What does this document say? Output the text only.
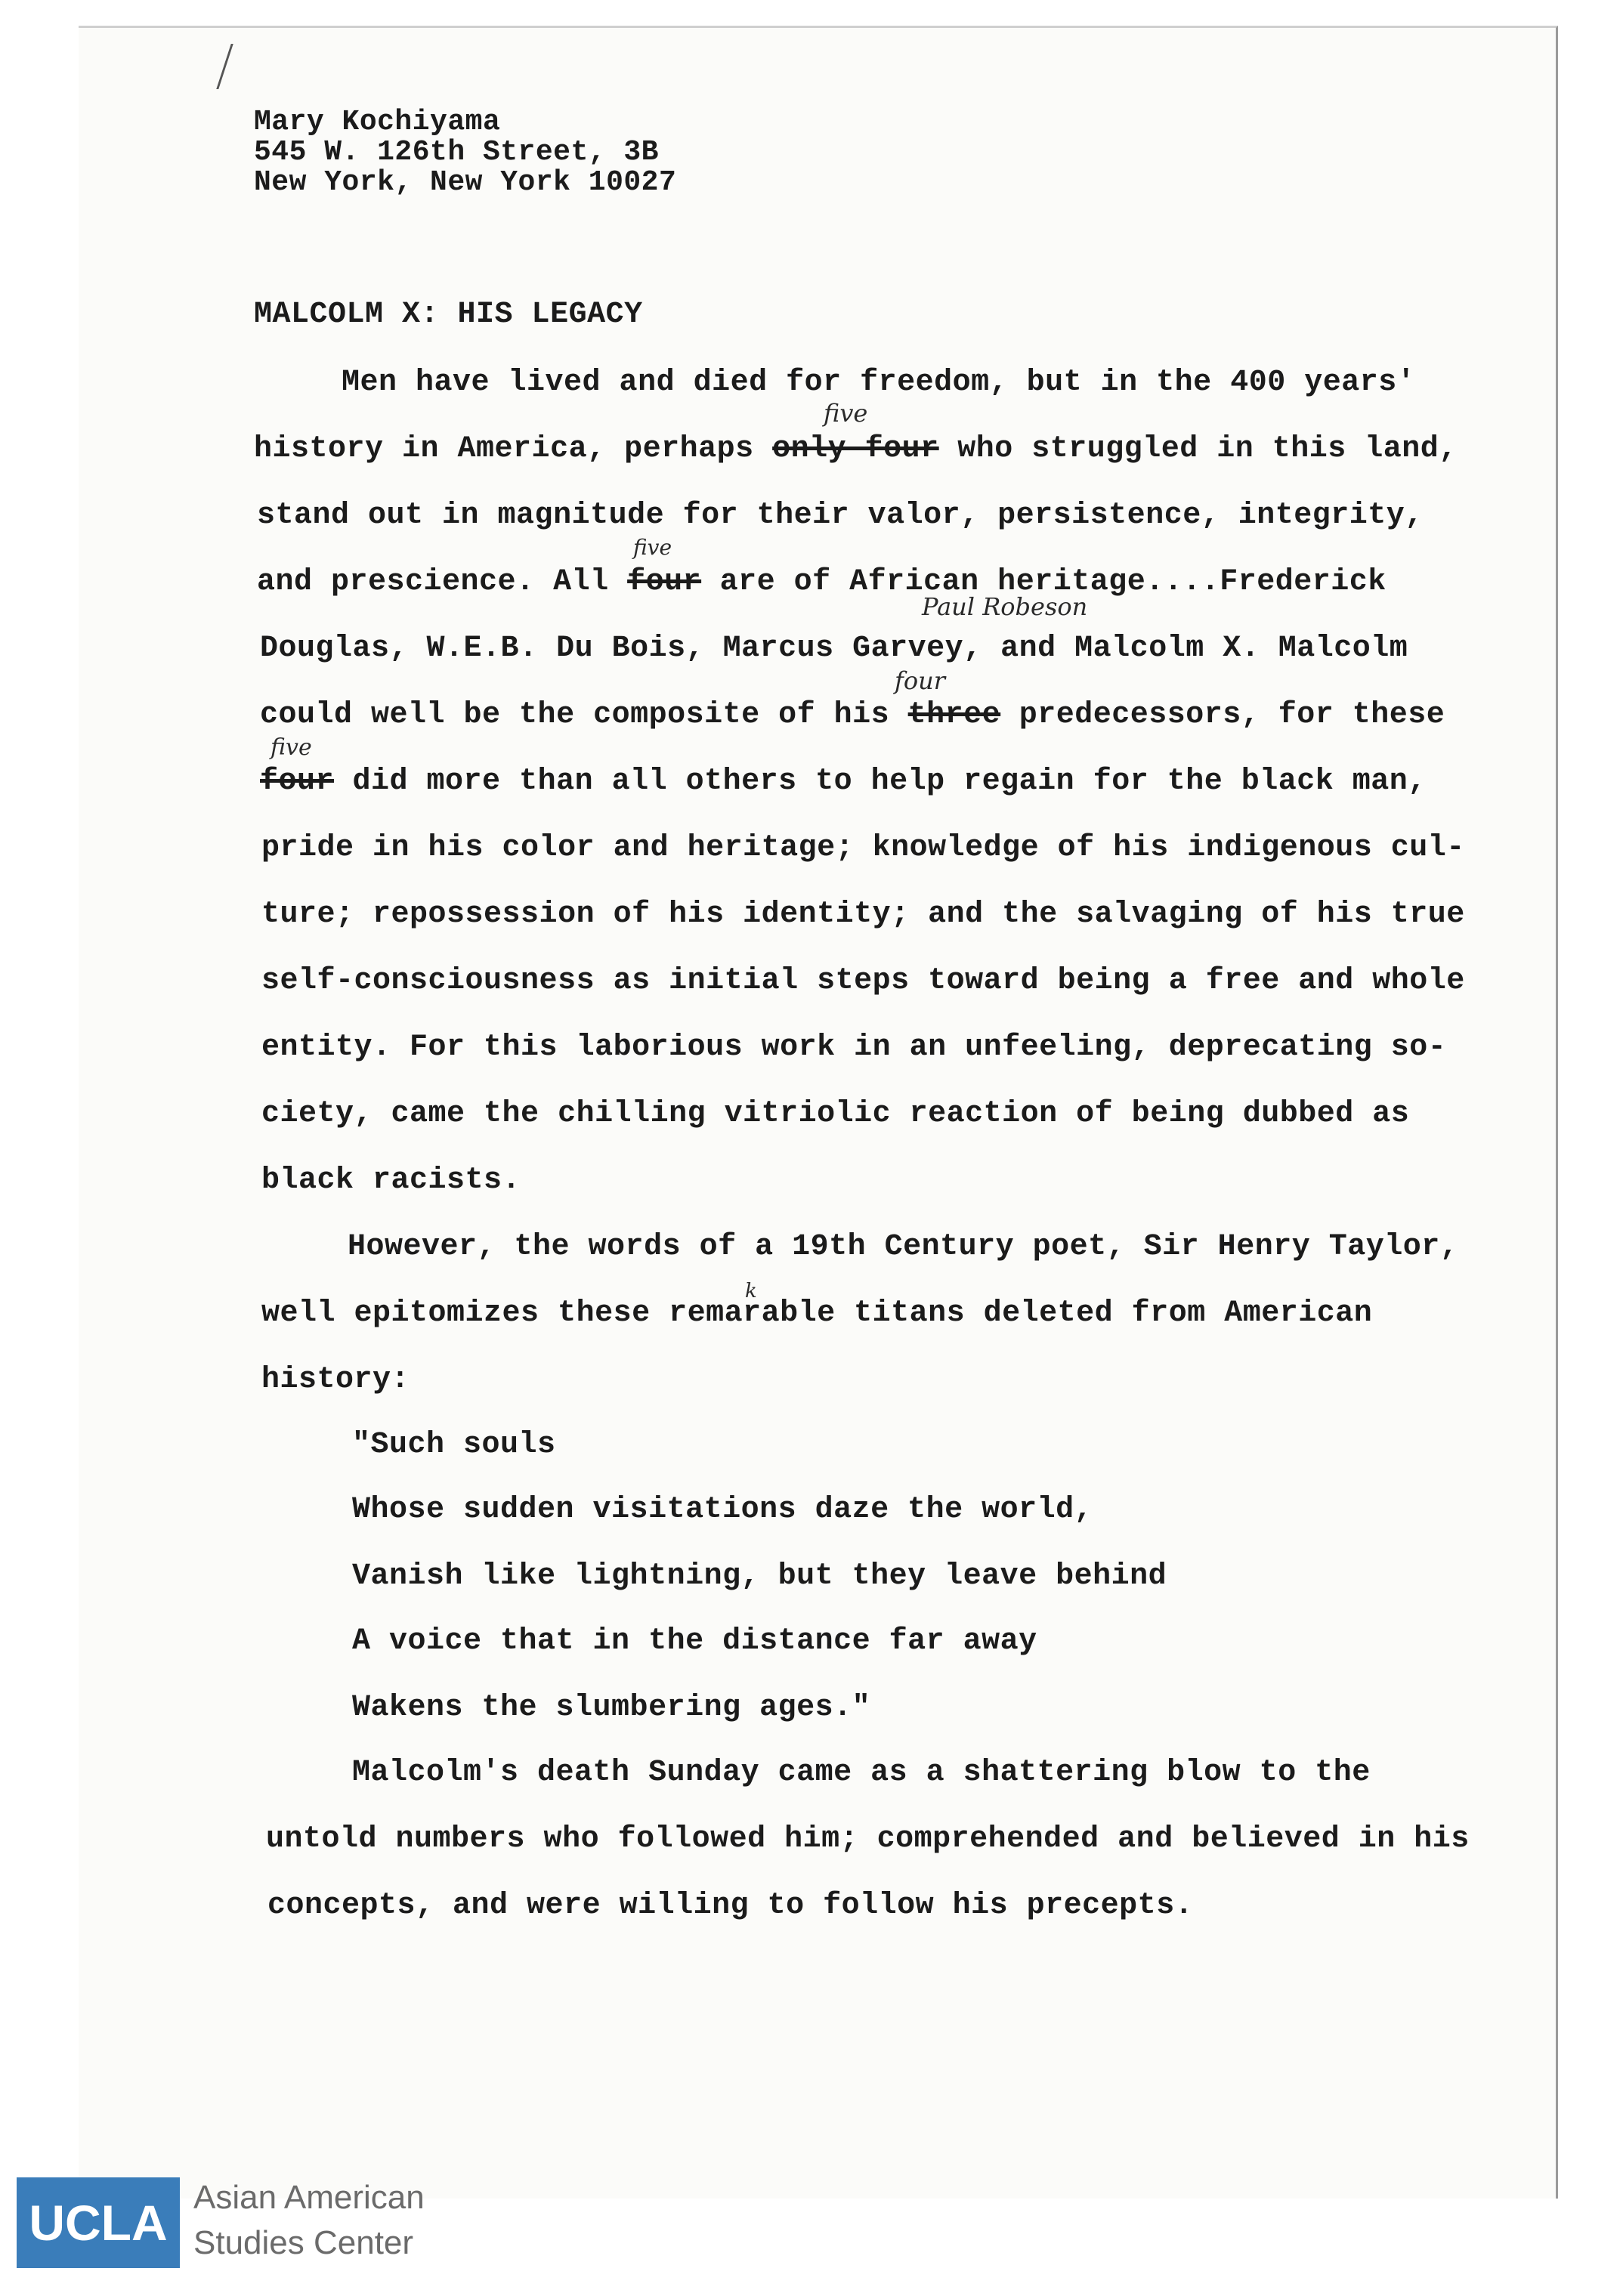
Mary Kochiyama
545 W. 126th Street, 3B
New York, New York 10027
MALCOLM X: HIS LEGACY
Men have lived and died for freedom, but in the 400 years'
history in America, perhaps only four who struggled in this land,
five
stand out in magnitude for their valor, persistence, integrity,
and prescience. All four are of African heritage....Frederick
five
Douglas, W.E.B. Du Bois, Marcus Garvey, and Malcolm X. Malcolm
Paul Robeson
could well be the composite of his three predecessors, for these
four
four did more than all others to help regain for the black man,
five
pride in his color and heritage; knowledge of his indigenous cul-
ture; repossession of his identity; and the salvaging of his true
self-consciousness as initial steps toward being a free and whole
entity. For this laborious work in an unfeeling, deprecating so-
ciety, came the chilling vitriolic reaction of being dubbed as
black racists.
However, the words of a 19th Century poet, Sir Henry Taylor,
well epitomizes these remarable titans deleted from American
k
history:
"Such souls
Whose sudden visitations daze the world,
Vanish like lightning, but they leave behind
A voice that in the distance far away
Wakens the slumbering ages."
Malcolm's death Sunday came as a shattering blow to the
untold numbers who followed him; comprehended and believed in his
concepts, and were willing to follow his precepts.
UCLA Asian American
Studies Center
